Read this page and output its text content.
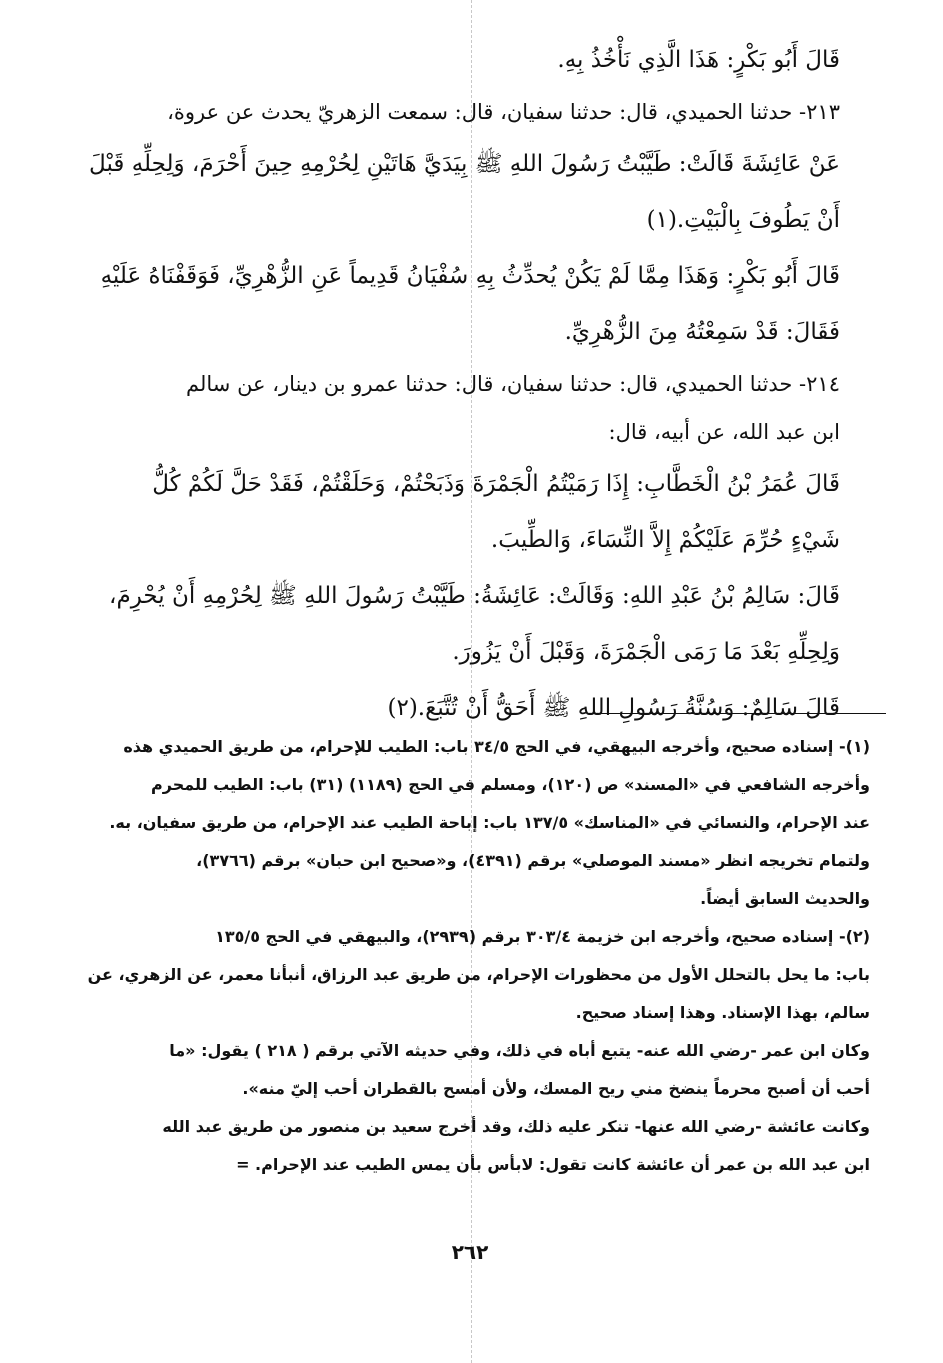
قَالَ أَبُو بَكْرٍ: هَذَا الَّذِي نَأْخُذُ بِهِ.
٢١٣- حدثنا الحميدي، قال: حدثنا سفيان، قال: سمعت الزهريّ يحدث عن عروة،
عَنْ عَائِشَةَ قَالَتْ: طَيَّبْتُ رَسُولَ اللهِ ﷺ بِيَدَيَّ هَاتَيْنِ لِحُرْمِهِ حِينَ أَحْرَمَ، وَلِحِلِّهِ قَبْلَ
أَنْ يَطُوفَ بِالْبَيْتِ.(١)
قَالَ أَبُو بَكْرٍ: وَهَذَا مِمَّا لَمْ يَكُنْ يُحدِّثُ بِهِ سُفْيَانُ قَدِيماً عَنِ الزُّهْرِيِّ، فَوَقَفْنَاهُ عَلَيْهِ
فَقَالَ: قَدْ سَمِعْتُهُ مِنَ الزُّهْرِيِّ.
٢١٤- حدثنا الحميدي، قال: حدثنا سفيان، قال: حدثنا عمرو بن دينار، عن سالم
ابن عبد الله، عن أبيه، قال:
قَالَ عُمَرُ بْنُ الْخَطَّابِ: إِذَا رَمَيْتُمُ الْجَمْرَةَ وَذَبَحْتُمْ، وَحَلَقْتُمْ، فَقَدْ حَلَّ لَكُمْ كُلُّ
شَيْءٍ حُرِّمَ عَلَيْكُمْ إِلاَّ النِّسَاءَ، وَالطِّيبَ.
قَالَ: سَالِمُ بْنُ عَبْدِ اللهِ: وَقَالَتْ: عَائِشَةُ: طَيَّبْتُ رَسُولَ اللهِ ﷺ لِحُرْمِهِ أَنْ يُحْرِمَ،
وَلِحِلِّهِ بَعْدَ مَا رَمَى الْجَمْرَةَ، وَقَبْلَ أَنْ يَزُورَ.
قَالَ سَالِمٌ: وَسُنَّةُ رَسُولِ اللهِ ﷺ أَحَقُّ أَنْ تُتَّبَعَ.(٢)
(١)- إسناده صحيح، وأخرجه البيهقي، في الحج ٣٤/٥ باب: الطيب للإحرام، من طريق الحميدي هذه
وأخرجه الشافعي في «المسند» ص (١٢٠)، ومسلم في الحج (١١٨٩) (٣١) باب: الطيب للمحرم
عند الإحرام، والنسائي في «المناسك» ١٣٧/٥ باب: إباحة الطيب عند الإحرام، من طريق سفيان، به.
ولتمام تخريجه انظر «مسند الموصلي» برقم (٤٣٩١)، و«صحيح ابن حبان» برقم (٣٧٦٦)،
والحديث السابق أيضاً.
(٢)- إسناده صحيح، وأخرجه ابن خزيمة ٣٠٣/٤ برقم (٢٩٣٩)، والبيهقي في الحج ١٣٥/٥
باب: ما يحل بالتحلل الأول من محظورات الإحرام، من طريق عبد الرزاق، أنبأنا معمر، عن الزهري، عن
سالم، بهذا الإسناد. وهذا إسناد صحيح.
وكان ابن عمر -رضي الله عنه- يتبع أباه في ذلك، وفي حديثه الآتي برقم ( ٢١٨ ) يقول: «ما
أحب أن أصبح محرماً ينضخ مني ريح المسك، ولأن أمسح بالقطران أحب إليّ منه».
وكانت عائشة -رضي الله عنها- تنكر عليه ذلك، وقد أخرج سعيد بن منصور من طريق عبد الله
ابن عبد الله بن عمر أن عائشة كانت تقول: لابأس بأن يمس الطيب عند الإحرام. =
٢٦٢
